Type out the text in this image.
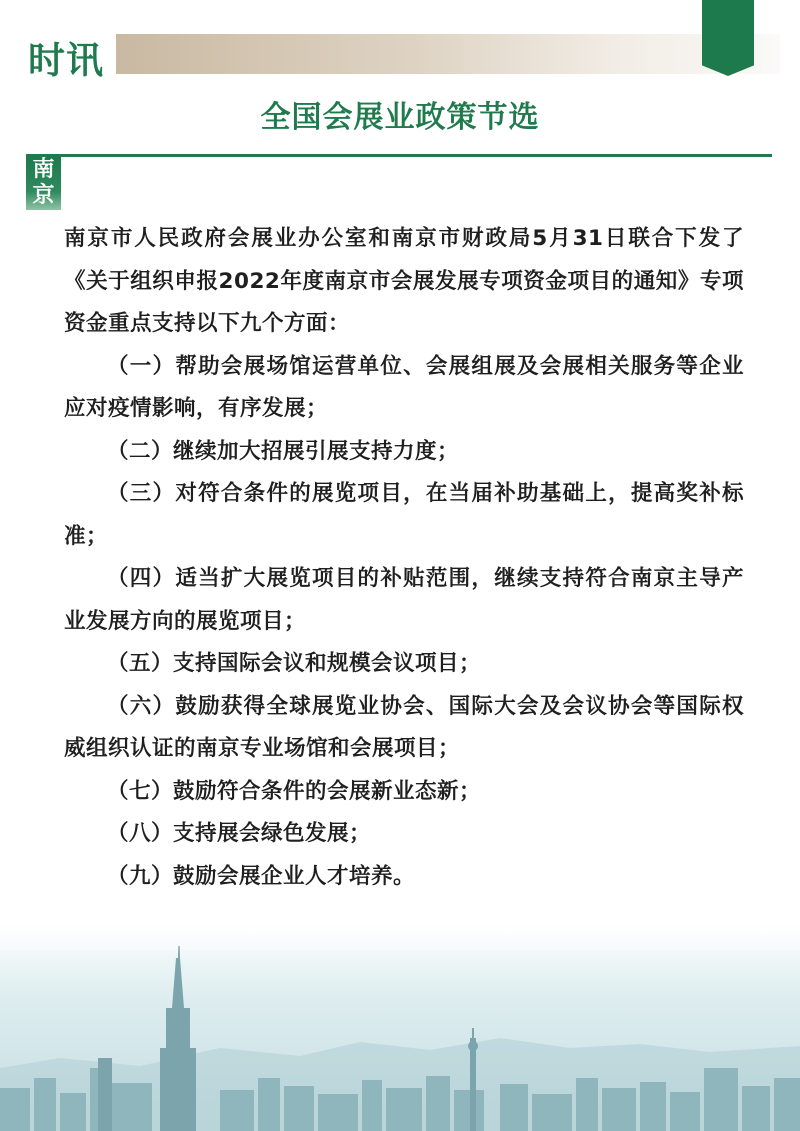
时讯
全国会展业政策节选
南
京

南京市人民政府会展业办公室和南京市财政局5月31日联合下发了《关于组织申报2022年度南京市会展发展专项资金项目的通知》专项资金重点支持以下九个方面：

（一）帮助会展场馆运营单位、会展组展及会展相关服务等企业应对疫情影响，有序发展；

（二）继续加大招展引展支持力度；

（三）对符合条件的展览项目，在当届补助基础上，提高奖补标准；

（四）适当扩大展览项目的补贴范围，继续支持符合南京主导产业发展方向的展览项目；

（五）支持国际会议和规模会议项目；

（六）鼓励获得全球展览业协会、国际大会及会议协会等国际权威组织认证的南京专业场馆和会展项目；

（七）鼓励符合条件的会展新业态新；

（八）支持展会绿色发展；

（九）鼓励会展企业人才培养。
